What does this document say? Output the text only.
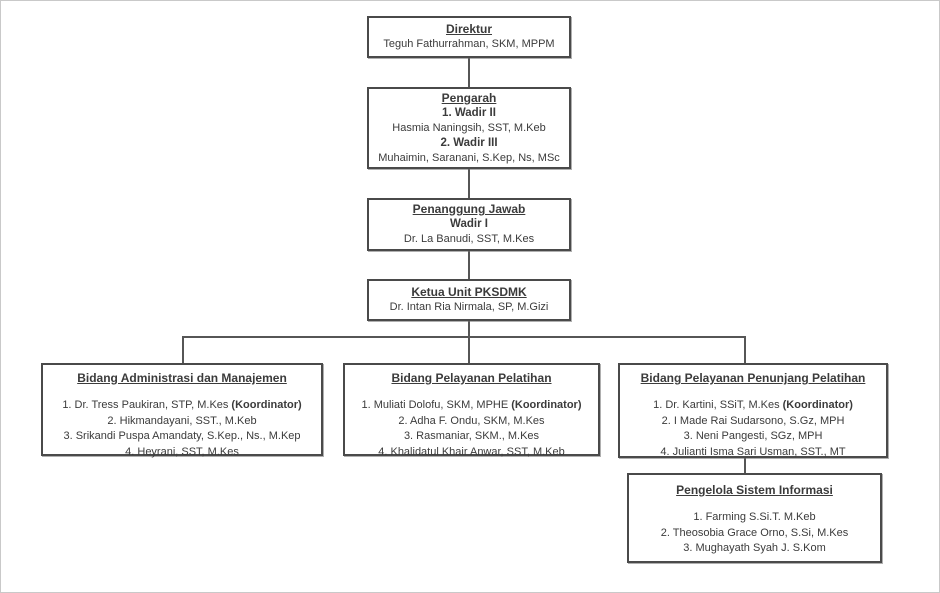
Direktur
Teguh Fathurrahman, SKM, MPPM
Pengarah
1. Wadir II
Hasmia Naningsih, SST, M.Keb
2. Wadir III
Muhaimin, Saranani, S.Kep, Ns, MSc
Penanggung Jawab
Wadir I
Dr. La Banudi, SST, M.Kes
Ketua Unit PKSDMK
Dr. Intan Ria Nirmala, SP, M.Gizi
Bidang Administrasi dan Manajemen
1. Dr. Tress Paukiran, STP, M.Kes (Koordinator)
2. Hikmandayani, SST., M.Keb
3. Srikandi Puspa Amandaty, S.Kep., Ns., M.Kep
4. Heyrani, SST, M.Kes
Bidang Pelayanan Pelatihan
1. Muliati Dolofu, SKM, MPHE (Koordinator)
2. Adha F. Ondu, SKM, M.Kes
3. Rasmaniar, SKM., M.Kes
4. Khalidatul Khair Anwar, SST, M.Keb
Bidang Pelayanan Penunjang Pelatihan
1. Dr. Kartini, SSiT, M.Kes (Koordinator)
2. I Made Rai Sudarsono, S.Gz, MPH
3. Neni Pangesti, SGz, MPH
4. Julianti Isma Sari Usman, SST., MT
Pengelola Sistem Informasi
1. Farming S.Si.T. M.Keb
2. Theosobia Grace Orno, S.Si, M.Kes
3. Mughayath Syah J. S.Kom
